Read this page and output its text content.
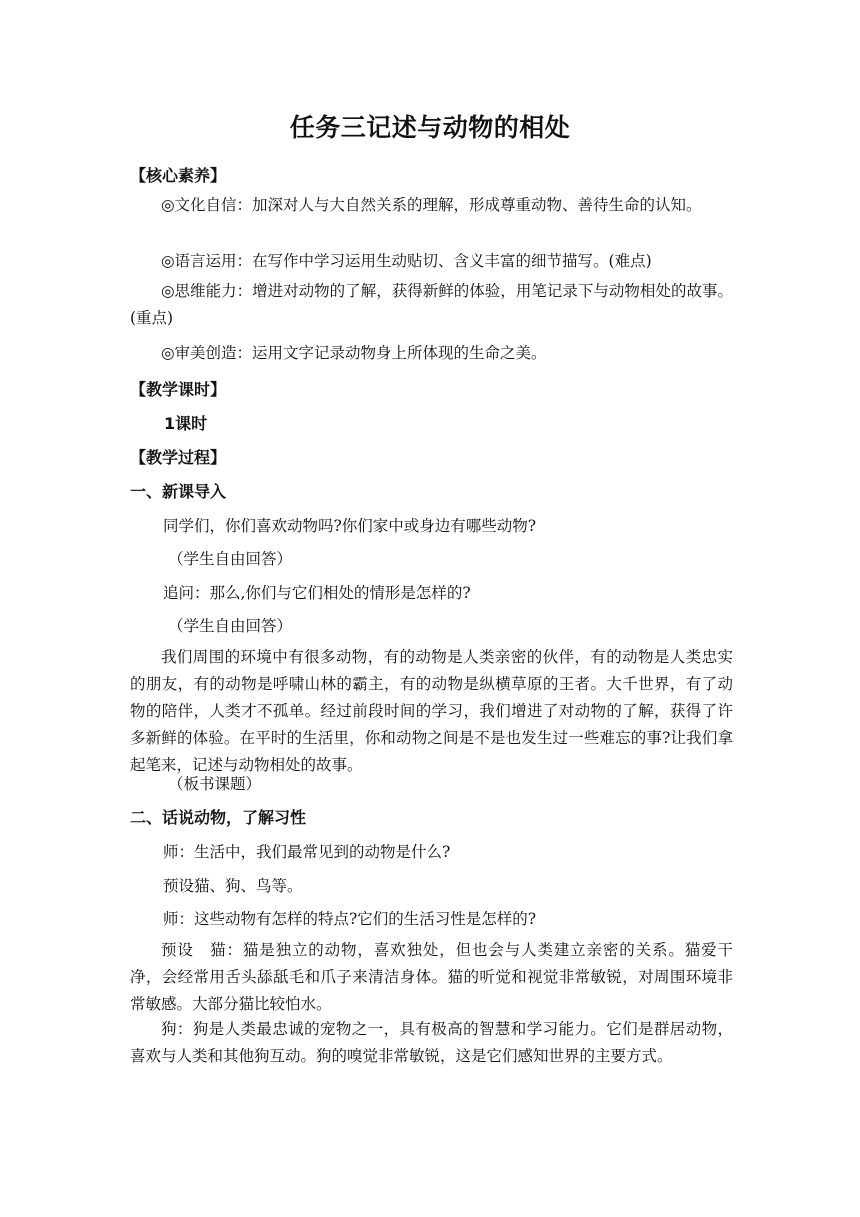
任务三记述与动物的相处
【核心素养】
◎文化自信：加深对人与大自然关系的理解，形成尊重动物、善待生命的认知。
◎语言运用：在写作中学习运用生动贴切、含义丰富的细节描写。(难点)
◎思维能力：增进对动物的了解，获得新鲜的体验，用笔记录下与动物相处的故事。(重点)
◎审美创造：运用文字记录动物身上所体现的生命之美。
【教学课时】
1课时
【教学过程】
一、新课导入
同学们，你们喜欢动物吗?你们家中或身边有哪些动物?
（学生自由回答）
追问：那么,你们与它们相处的情形是怎样的?
（学生自由回答）
我们周围的环境中有很多动物，有的动物是人类亲密的伙伴，有的动物是人类忠实的朋友，有的动物是呼啸山林的霸主，有的动物是纵横草原的王者。大千世界，有了动物的陪伴，人类才不孤单。经过前段时间的学习，我们增进了对动物的了解，获得了许多新鲜的体验。在平时的生活里，你和动物之间是不是也发生过一些难忘的事?让我们拿起笔来，记述与动物相处的故事。
（板书课题）
二、话说动物，了解习性
师：生活中，我们最常见到的动物是什么?
预设猫、狗、鸟等。
师：这些动物有怎样的特点?它们的生活习性是怎样的?
预设　猫：猫是独立的动物，喜欢独处，但也会与人类建立亲密的关系。猫爱干净，会经常用舌头舔舐毛和爪子来清洁身体。猫的听觉和视觉非常敏锐，对周围环境非常敏感。大部分猫比较怕水。
狗：狗是人类最忠诚的宠物之一，具有极高的智慧和学习能力。它们是群居动物，喜欢与人类和其他狗互动。狗的嗅觉非常敏锐，这是它们感知世界的主要方式。
